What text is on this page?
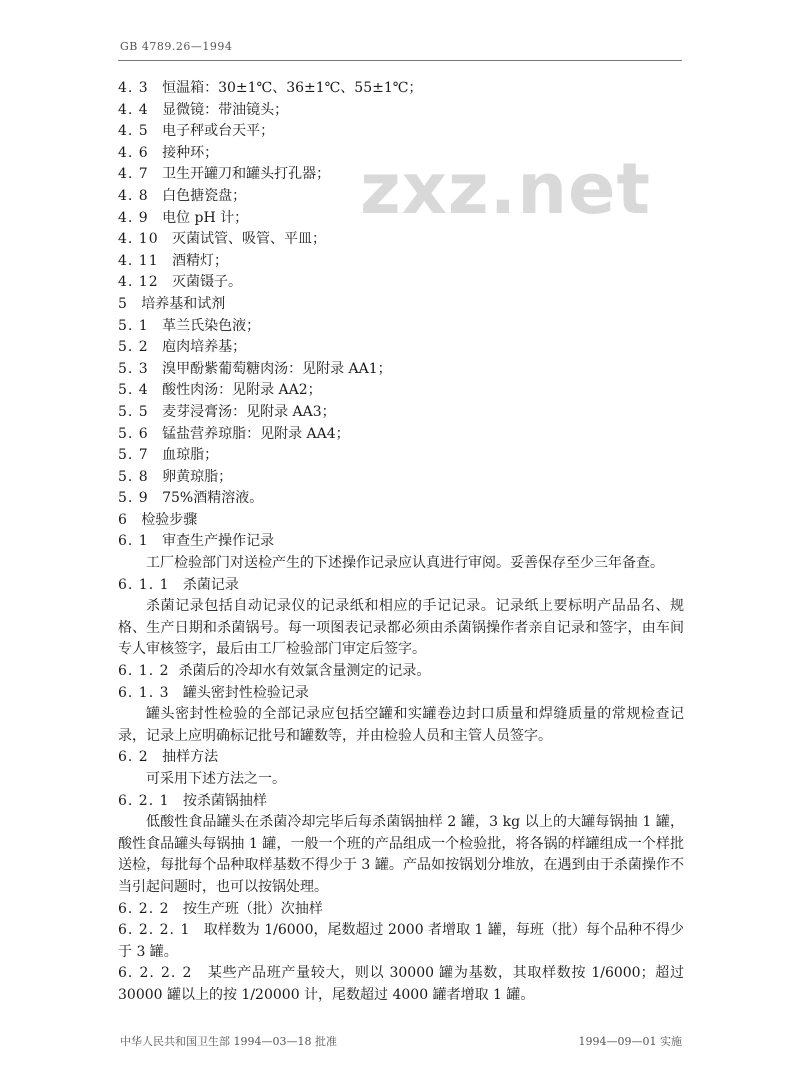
GB 4789.26—1994
zxz.net
4. 3 恒温箱：30±1℃、36±1℃、55±1℃；
4. 4 显微镜：带油镜头；
4. 5 电子秤或台天平；
4. 6 接种环；
4. 7 卫生开罐刀和罐头打孔器；
4. 8 白色搪瓷盘；
4. 9 电位 pH 计；
4. 10 灭菌试管、吸管、平皿；
4. 11 酒精灯；
4. 12 灭菌镊子。
5 培养基和试剂
5. 1 革兰氏染色液；
5. 2 庖肉培养基；
5. 3 溴甲酚紫葡萄糖肉汤：见附录 AA1；
5. 4 酸性肉汤：见附录 AA2；
5. 5 麦芽浸膏汤：见附录 AA3；
5. 6 锰盐营养琼脂：见附录 AA4；
5. 7 血琼脂；
5. 8 卵黄琼脂；
5. 9 75%酒精溶液。
6 检验步骤
6. 1 审查生产操作记录
工厂检验部门对送检产生的下述操作记录应认真进行审阅。妥善保存至少三年备查。
6. 1. 1 杀菌记录
杀菌记录包括自动记录仪的记录纸和相应的手记记录。记录纸上要标明产品品名、规格、生产日期和杀菌锅号。每一项图表记录都必须由杀菌锅操作者亲自记录和签字，由车间专人审核签字，最后由工厂检验部门审定后签字。
6. 1. 2 杀菌后的冷却水有效氯含量测定的记录。
6. 1. 3 罐头密封性检验记录
罐头密封性检验的全部记录应包括空罐和实罐卷边封口质量和焊缝质量的常规检查记录，记录上应明确标记批号和罐数等，并由检验人员和主管人员签字。
6. 2 抽样方法
可采用下述方法之一。
6. 2. 1 按杀菌锅抽样
低酸性食品罐头在杀菌冷却完毕后每杀菌锅抽样 2 罐，3 kg 以上的大罐每锅抽 1 罐，酸性食品罐头每锅抽 1 罐，一般一个班的产品组成一个检验批，将各锅的样罐组成一个样批送检，每批每个品种取样基数不得少于 3 罐。产品如按锅划分堆放，在遇到由于杀菌操作不当引起问题时，也可以按锅处理。
6. 2. 2 按生产班（批）次抽样
6. 2. 2. 1 取样数为 1/6000，尾数超过 2000 者增取 1 罐，每班（批）每个品种不得少于 3 罐。
6. 2. 2. 2 某些产品班产量较大，则以 30000 罐为基数，其取样数按 1/6000；超过 30000 罐以上的按 1/20000 计，尾数超过 4000 罐者增取 1 罐。
中华人民共和国卫生部 1994—03—18 批准	1994—09—01 实施
